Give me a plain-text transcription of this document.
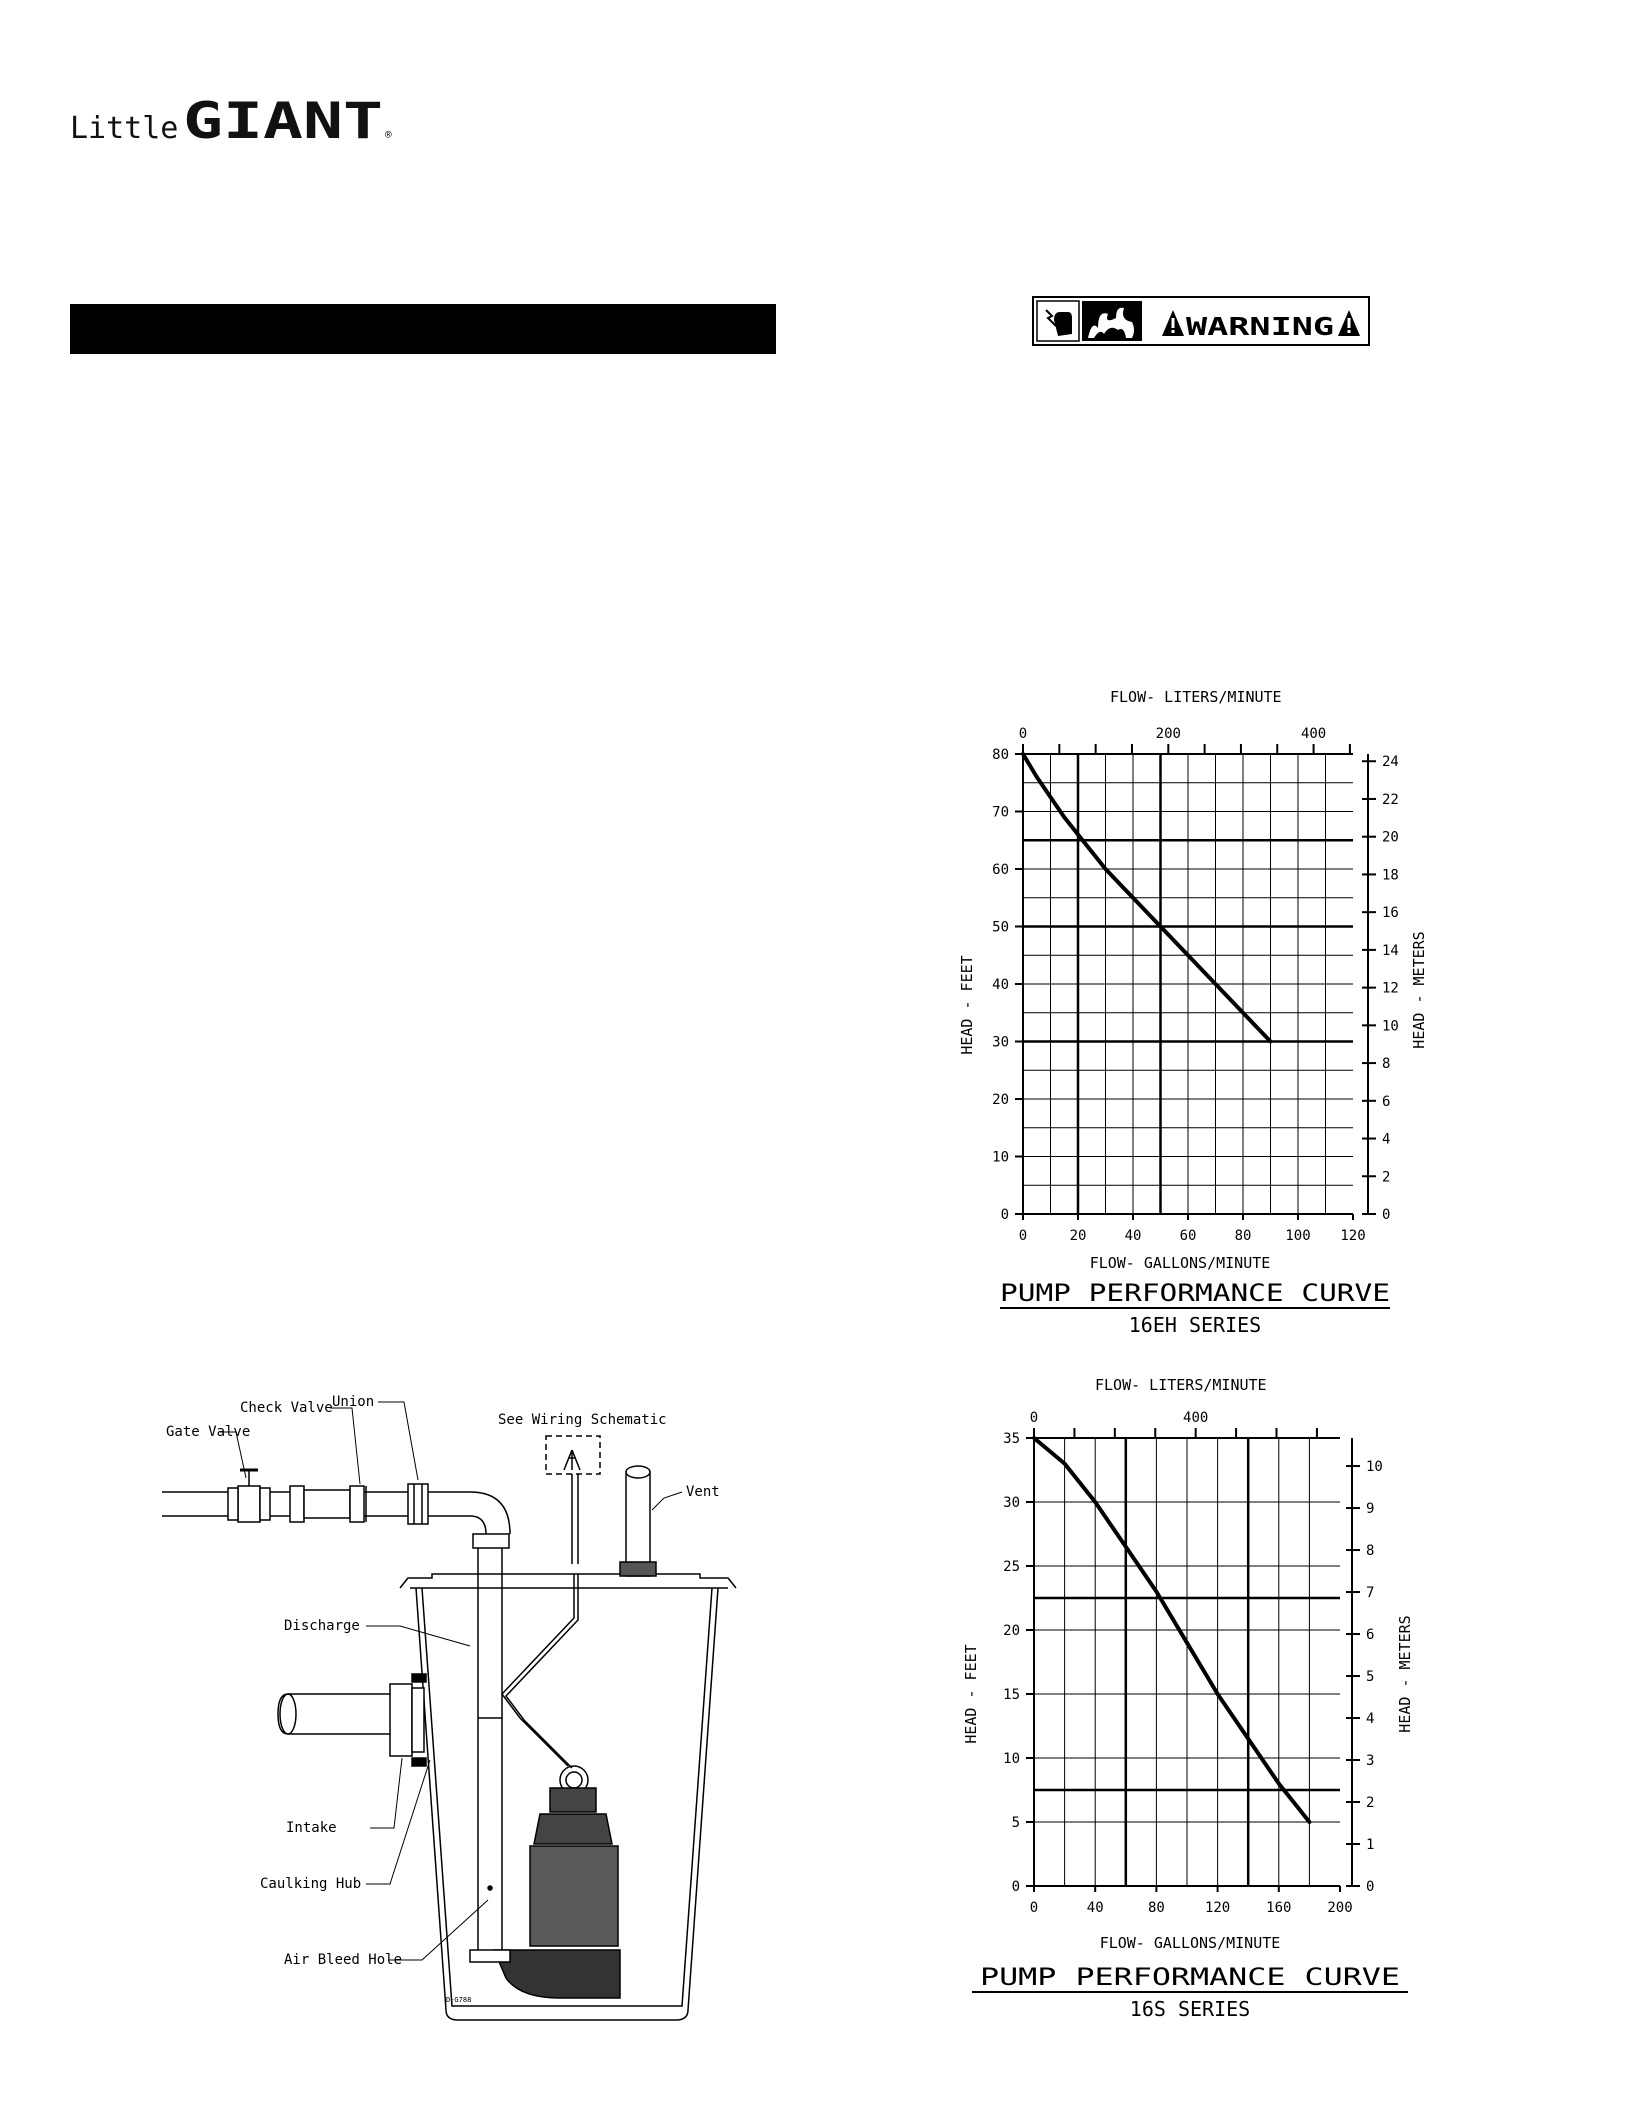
Little GIANT ®
WARNING
Gate Valve
Check Valve Union
See Wiring Schematic
Vent
Discharge
Intake
Caulking Hub
Air Bleed Hole
D-G788
FLOW- LITERS/MINUTE
0	20	40	60	80 100 120
0
10
20
30
40
50
60
70
80
0
2
4
6
8
10
12
14
16
18
20
22
24
0	200	400
FLOW- GALLONS/MINUTE
HEAD - FEET	HEAD - METERS
PUMP PERFORMANCE CURVE
16EH SERIES
FLOW- LITERS/MINUTE
0	40	80	120	160	200
0
5
10
15
20
25
30
35
0
1
2
3
4
5
6
7
8
9
10
0	400
FLOW- GALLONS/MINUTE
HEAD - FEET	HEAD - METERS
PUMP PERFORMANCE CURVE
16S SERIES
